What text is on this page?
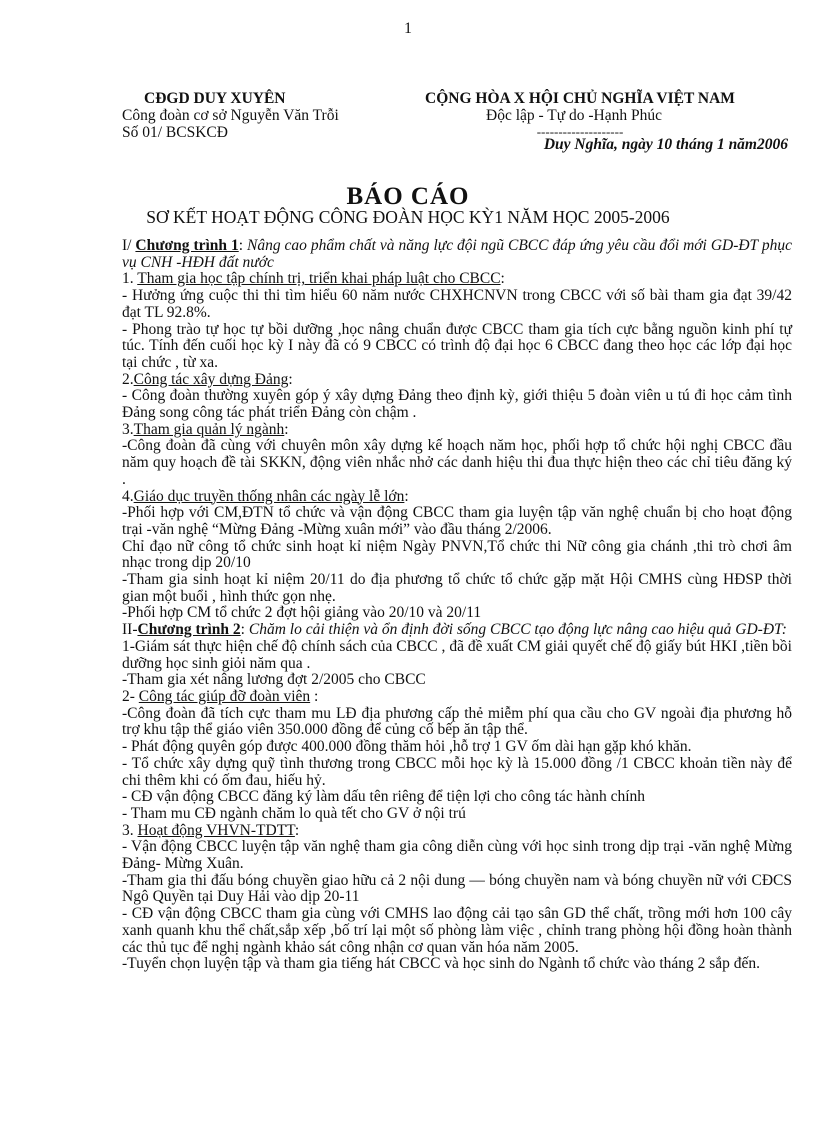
1
CĐGD DUY XUYÊN
Công đoàn cơ sở Nguyễn Văn Trỗi
Số 01/ BCSKCĐ
CỘNG HÒA X HỘI CHỦ NGHĨA VIỆT NAM
Độc lập - Tự do -Hạnh Phúc
--------------------
Duy Nghĩa, ngày 10 tháng 1 năm2006
BÁO CÁO
SƠ KẾT HOẠT ĐỘNG CÔNG ĐOÀN HỌC KỲ1 NĂM HỌC 2005-2006

I/ Chương trình 1: Nâng cao phẩm chất và năng lực đội ngũ CBCC đáp ứng yêu cầu đổi mới GD-ĐT phục vụ CNH -HĐH đất nước

1. Tham gia học tập chính trị, triển khai pháp luật cho CBCC:

- Hưởng ứng cuộc thi thi tìm hiểu 60 năm nước CHXHCNVN trong CBCC với số bài tham gia đạt 39/42 đạt TL 92.8%.

- Phong trào tự học tự bồi dưỡng ,học nâng chuẩn được CBCC tham gia tích cực bằng nguồn kinh phí tự túc. Tính đến cuối học kỳ I này đã có 9 CBCC có trình độ đại học 6 CBCC đang theo học các lớp đại học tại chức , từ xa.

2.Công tác xây dựng Đảng:

- Công đoàn thường xuyên góp ý xây dựng Đảng theo định kỳ, giới thiệu 5 đoàn viên u tú đi học cảm tình Đảng song công tác phát triển Đảng còn chậm .

3.Tham gia quản lý ngành:

-Công đoàn đã cùng với chuyên môn xây dựng kế hoạch năm học, phối hợp tổ chức hội nghị CBCC đầu năm quy hoạch đề tài SKKN, động viên nhắc nhở các danh hiệu thi đua thực hiện theo các chỉ tiêu đăng ký .

4.Giáo dục truyền thống nhân các ngày lễ lớn:

-Phối hợp với CM,ĐTN tổ chức và vận động CBCC tham gia luyện tập văn nghệ chuẩn bị cho hoạt động trại -văn nghệ “Mừng Đảng -Mừng xuân mới” vào đầu tháng 2/2006.

Chỉ đạo nữ công tổ chức sinh hoạt kỉ niệm Ngày PNVN,Tổ chức thi Nữ công gia chánh ,thi trò chơi âm nhạc trong dịp 20/10

-Tham gia sinh hoạt kỉ niệm 20/11 do địa phương tổ chức tổ chức gặp mặt Hội CMHS cùng HĐSP thời gian một buổi , hình thức gọn nhẹ.

-Phối hợp CM tổ chức 2 đợt hội giảng vào 20/10 và 20/11

II-Chương trình 2: Chăm lo cải thiện và ổn định đời sống CBCC tạo động lực nâng cao hiệu quả GD-ĐT:

1-Giám sát thực hiện chế độ chính sách của CBCC , đã đề xuất CM giải quyết chế độ giấy bút HKI ,tiền bồi dưỡng học sinh giỏi năm qua .

-Tham gia xét nâng lương đợt 2/2005 cho CBCC

2- Công tác giúp đỡ đoàn viên :

-Công đoàn đã tích cực tham mu LĐ địa phương cấp thẻ miễm phí qua cầu cho GV ngoài địa phương hỗ trợ khu tập thể giáo viên 350.000 đồng để củng cố bếp ăn tập thể.

- Phát động quyên góp được 400.000 đồng thăm hỏi ,hỗ trợ 1 GV ốm dài hạn gặp khó khăn.

- Tổ chức xây dựng quỹ tình thương trong CBCC mỗi học kỳ là 15.000 đồng /1 CBCC khoản tiền này để chi thêm khi có ốm đau, hiếu hỷ.

- CĐ vận động CBCC đăng ký làm dấu tên riêng để tiện lợi cho công tác hành chính

- Tham mu CĐ ngành chăm lo quà tết cho GV ở nội trú

3. Hoạt động VHVN-TDTT:

- Vận động CBCC luyện tập văn nghệ tham gia công diễn cùng với học sinh trong dịp trại -văn nghệ Mừng Đảng- Mừng Xuân.

-Tham gia thi đấu bóng chuyền giao hữu cả 2 nội dung — bóng chuyền nam và bóng chuyền nữ với CĐCS Ngô Quyền tại Duy Hải vào dịp 20-11

- CĐ vận động CBCC tham gia cùng với CMHS lao động cải tạo sân GD thể chất, trồng mới hơn 100 cây xanh quanh khu thể chất,sắp xếp ,bố trí lại một số phòng làm việc , chỉnh trang phòng hội đồng hoàn thành các thủ tục để nghị ngành khảo sát công nhận cơ quan văn hóa năm 2005.

-Tuyển chọn luyện tập và tham gia tiếng hát CBCC và học sinh do Ngành tổ chức vào tháng 2 sắp đến.
